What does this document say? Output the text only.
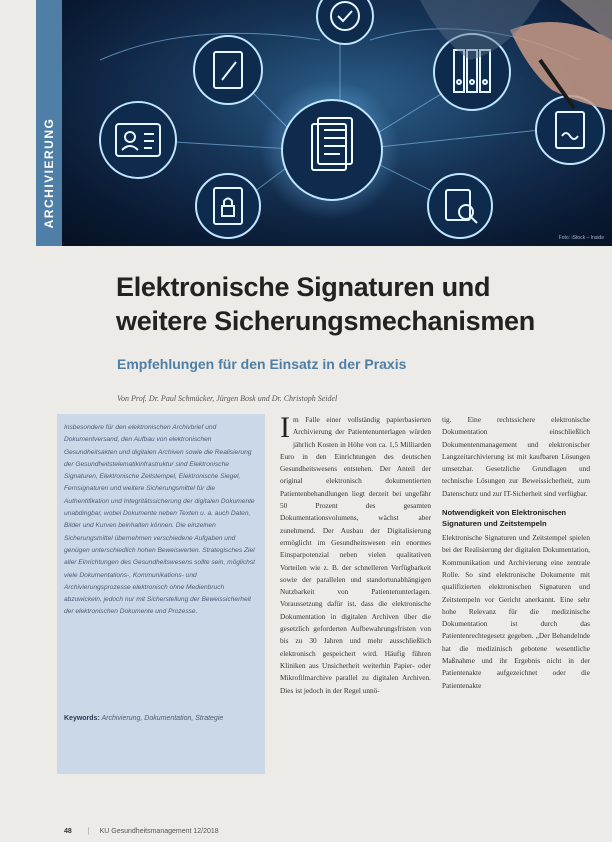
Foto: iStock – Inside
ARCHIVIERUNG
Elektronische Signaturen und
weitere Sicherungsmechanismen
Empfehlungen für den Einsatz in der Praxis
Von Prof. Dr. Paul Schmücker, Jürgen Bosk und Dr. Christoph Seidel
Insbesondere für den elektronischen Archivbrief und Dokumentversand, den Aufbau von elektronischen Gesundheitsakten und digitalen Archiven sowie die Realisierung der Gesundheitstelematikinfrastruktur sind Elektronische Signaturen, Elektronische Zeitstempel, Elektronische Siegel, Fernsignaturen und weitere Sicherungsmittel für die Authentifikation und Integritätssicherung der digitalen Dokumente unabdingbar, wobei Dokumente neben Texten u. a. auch Daten, Bilder und Kurven beinhalten können. Die einzelnen Sicherungsmittel übernehmen verschiedene Aufgaben und genügen unterschiedlich hohen Beweiswerten. Strategisches Ziel aller Einrichtungen des Gesundheitswesens sollte sein, möglichst viele Dokumentations-, Kommunikations- und Archivierungsprozesse elektronisch ohne Medienbruch abzuwickeln, jedoch nur mit Sicherstellung der Beweissicherheit der elektronischen Dokumente und Prozesse.
Keywords: Archivierung, Dokumentation, Strategie
I m Falle einer vollständig papierbasierten Archivierung der Patientenunterlagen würden jährlich Kosten in Höhe von ca. 1,5 Milliarden Euro in den Einrichtungen des deutschen Gesundheitswesens entstehen. Der Anteil der original elektronisch dokumentierten Patientenbehandlungen liegt derzeit bei ungefähr 50 Prozent des gesamten Dokumentationsvolumens, wächst aber zunehmend. Der Ausbau der Digitalisierung ermöglicht im Gesundheitswesen ein enormes Einsparpotenzial neben vielen qualitativen Vorteilen wie z. B. der schnelleren Verfügbarkeit sowie der parallelen und standortunabhängigen Nutzbarkeit von Patientenunterlagen. Voraussetzung dafür ist, dass die elektronische Dokumentation in digitalen Archiven über die gesetzlich geforderten Aufbewahrungsfristen von bis zu 30 Jahren und mehr ausschließlich elektronisch gespeichert wird. Häufig führen Kliniken aus Unsicherheit weiterhin Papier- oder Mikrofilmarchive parallel zu digitalen Archiven. Dies ist jedoch in der Regel unnö-

tig. Eine rechtssichere elektronische Dokumentation einschließlich Dokumentenmanagement und elektronischer Langzeitarchivierung ist mit kaufbaren Lösungen umsetzbar. Gesetzliche Grundlagen und technische Lösungen zur Beweissicherheit, zum Datenschutz und zur IT-Sicherheit sind verfügbar.

Notwendigkeit von Elektronischen Signaturen und Zeitstempeln

Elektronische Signaturen und Zeitstempel spielen bei der Realisierung der digitalen Dokumentation, Kommunikation und Archivierung eine zentrale Rolle. So sind elektronische Dokumente mit qualifizierten elektronischen Signaturen und Zeitstempeln vor Gericht anerkannt. Eine sehr hohe Relevanz für die medizinische Dokumentation ist durch das Patientenrechtegesetz gegeben. „Der Behandelnde hat die medizinisch gebotene wesentliche Maßnahme und ihr Ergebnis nicht in der Patientenakte aufgezeichnet oder die Patientenakte

48 | KU Gesundheitsmanagement 12/2018
